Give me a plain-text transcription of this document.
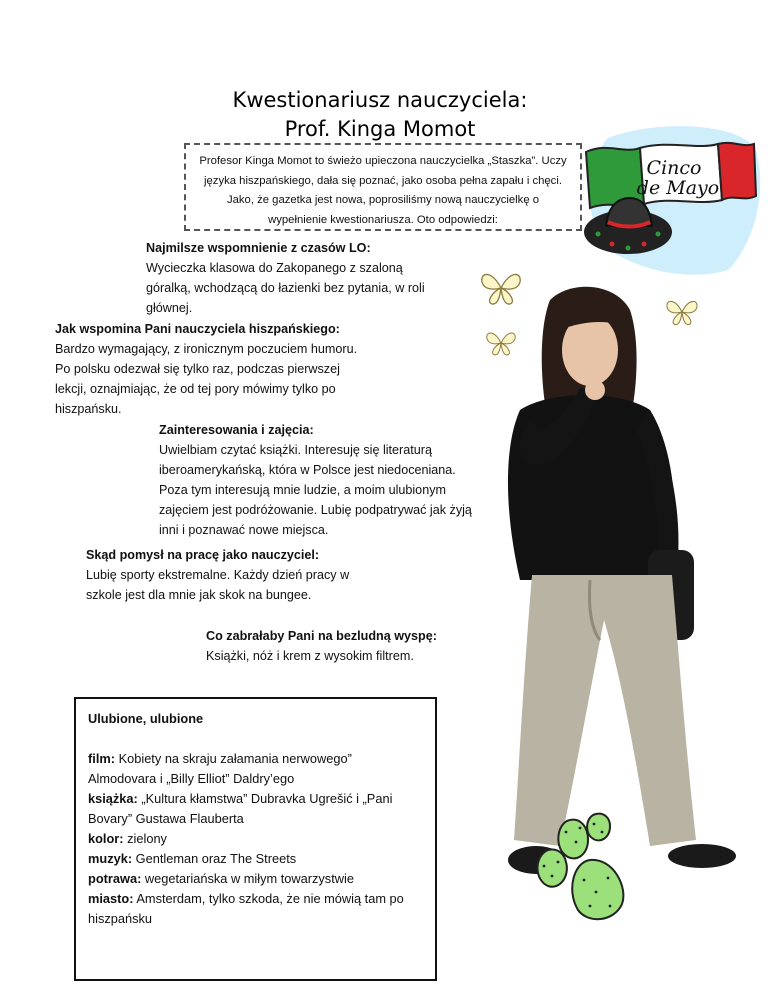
Kwestionariusz nauczyciela:
Prof. Kinga Momot
Profesor Kinga Momot to świeżo upieczona nauczycielka „Staszka”. Uczy języka hiszpańskiego, dała się poznać, jako osoba pełna zapału i chęci. Jako, że gazetka jest nowa, poprosiliśmy nową nauczycielkę o wypełnienie kwestionariusza. Oto odpowiedzi:
Cinco
de Mayo
Najmilsze wspomnienie z czasów LO:
Wycieczka klasowa do Zakopanego z szaloną góralką, wchodzącą do łazienki bez pytania, w roli głównej.
Jak wspomina Pani nauczyciela hiszpańskiego:
Bardzo wymagający, z ironicznym poczuciem humoru. Po polsku odezwał się tylko raz, podczas pierwszej lekcji, oznajmiając, że od tej pory mówimy tylko po hiszpańsku.
Zainteresowania i zajęcia:
Uwielbiam czytać książki. Interesuję się literaturą iberoamerykańską, która w Polsce jest niedoceniana. Poza tym interesują mnie ludzie, a moim ulubionym zajęciem jest podróżowanie. Lubię podpatrywać jak żyją inni i poznawać nowe miejsca.
Skąd pomysł na pracę jako nauczyciel:
Lubię sporty ekstremalne. Każdy dzień pracy w szkole jest dla mnie jak skok na bungee.
Co zabrałaby Pani na bezludną wyspę:
Książki, nóż i krem z wysokim filtrem.
Ulubione, ulubione
film: Kobiety na skraju załamania nerwowego” Almodovara i „Billy Elliot” Daldry’ego
książka: „Kultura kłamstwa” Dubravka Ugrešić i „Pani Bovary” Gustawa Flauberta
kolor: zielony
muzyk: Gentleman oraz The Streets
potrawa: wegetariańska w miłym towarzystwie
miasto: Amsterdam, tylko szkoda, że nie mówią tam po hiszpańsku
